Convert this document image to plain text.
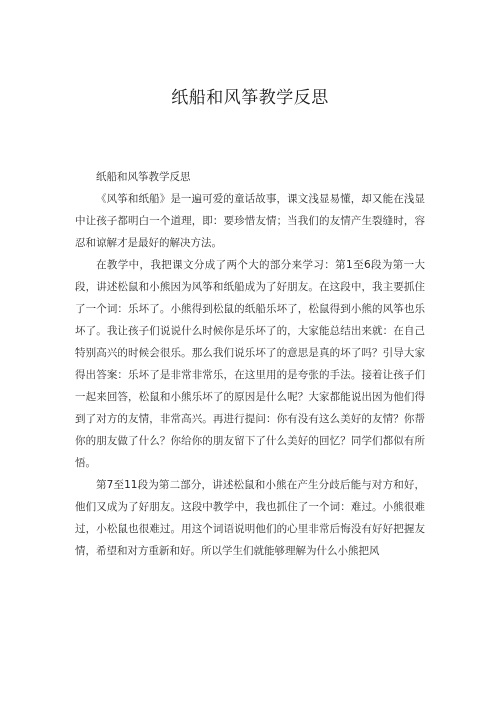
纸船和风筝教学反思

纸船和风筝教学反思

《风筝和纸船》是一遍可爱的童话故事，课文浅显易懂，却又能在浅显中让孩子都明白一个道理，即：要珍惜友情；当我们的友情产生裂缝时，容忍和谅解才是最好的解决方法。

在教学中，我把课文分成了两个大的部分来学习：第1至6段为第一大段，讲述松鼠和小熊因为风筝和纸船成为了好朋友。在这段中，我主要抓住了一个词：乐坏了。小熊得到松鼠的纸船乐坏了，松鼠得到小熊的风筝也乐坏了。我让孩子们说说什么时候你是乐坏了的，大家能总结出来就：在自己特别高兴的时候会很乐。那么我们说乐坏了的意思是真的坏了吗？引导大家得出答案：乐坏了是非常非常乐，在这里用的是夸张的手法。接着让孩子们一起来回答，松鼠和小熊乐坏了的原因是什么呢？大家都能说出因为他们得到了对方的友情，非常高兴。再进行提问：你有没有这么美好的友情？你帮你的朋友做了什么？你给你的朋友留下了什么美好的回忆？同学们都似有所悟。

第7至11段为第二部分，讲述松鼠和小熊在产生分歧后能与对方和好，他们又成为了好朋友。这段中教学中，我也抓住了一个词：难过。小熊很难过，小松鼠也很难过。用这个词语说明他们的心里非常后悔没有好好把握友情，希望和对方重新和好。所以学生们就能够理解为什么小熊把风
